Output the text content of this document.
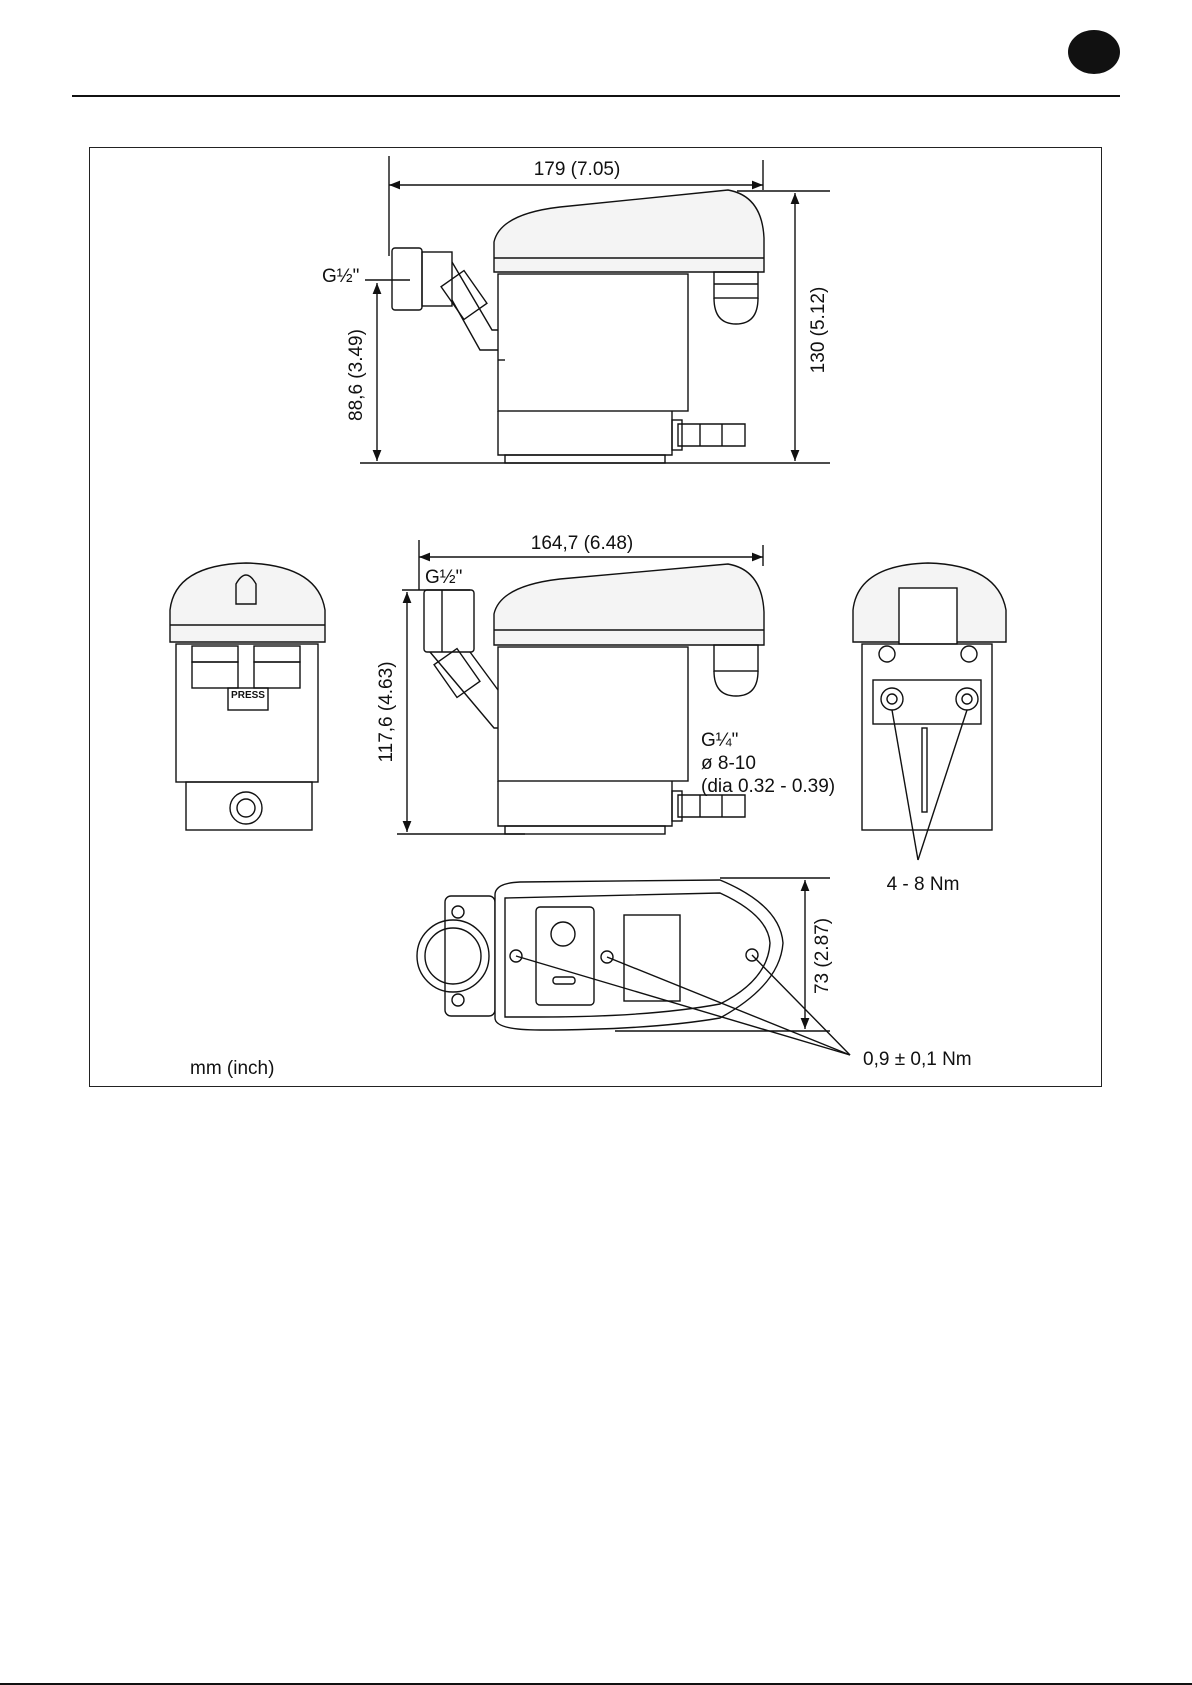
179 (7.05)
130 (5.12)
88,6 (3.49)
G½"
164,7 (6.48)
117,6 (4.63)
G½"
G¼"
ø 8-10
(dia 0.32 - 0.39)
PRESS
4 - 8 Nm
73 (2.87)
0,9 ± 0,1 Nm
mm (inch)
